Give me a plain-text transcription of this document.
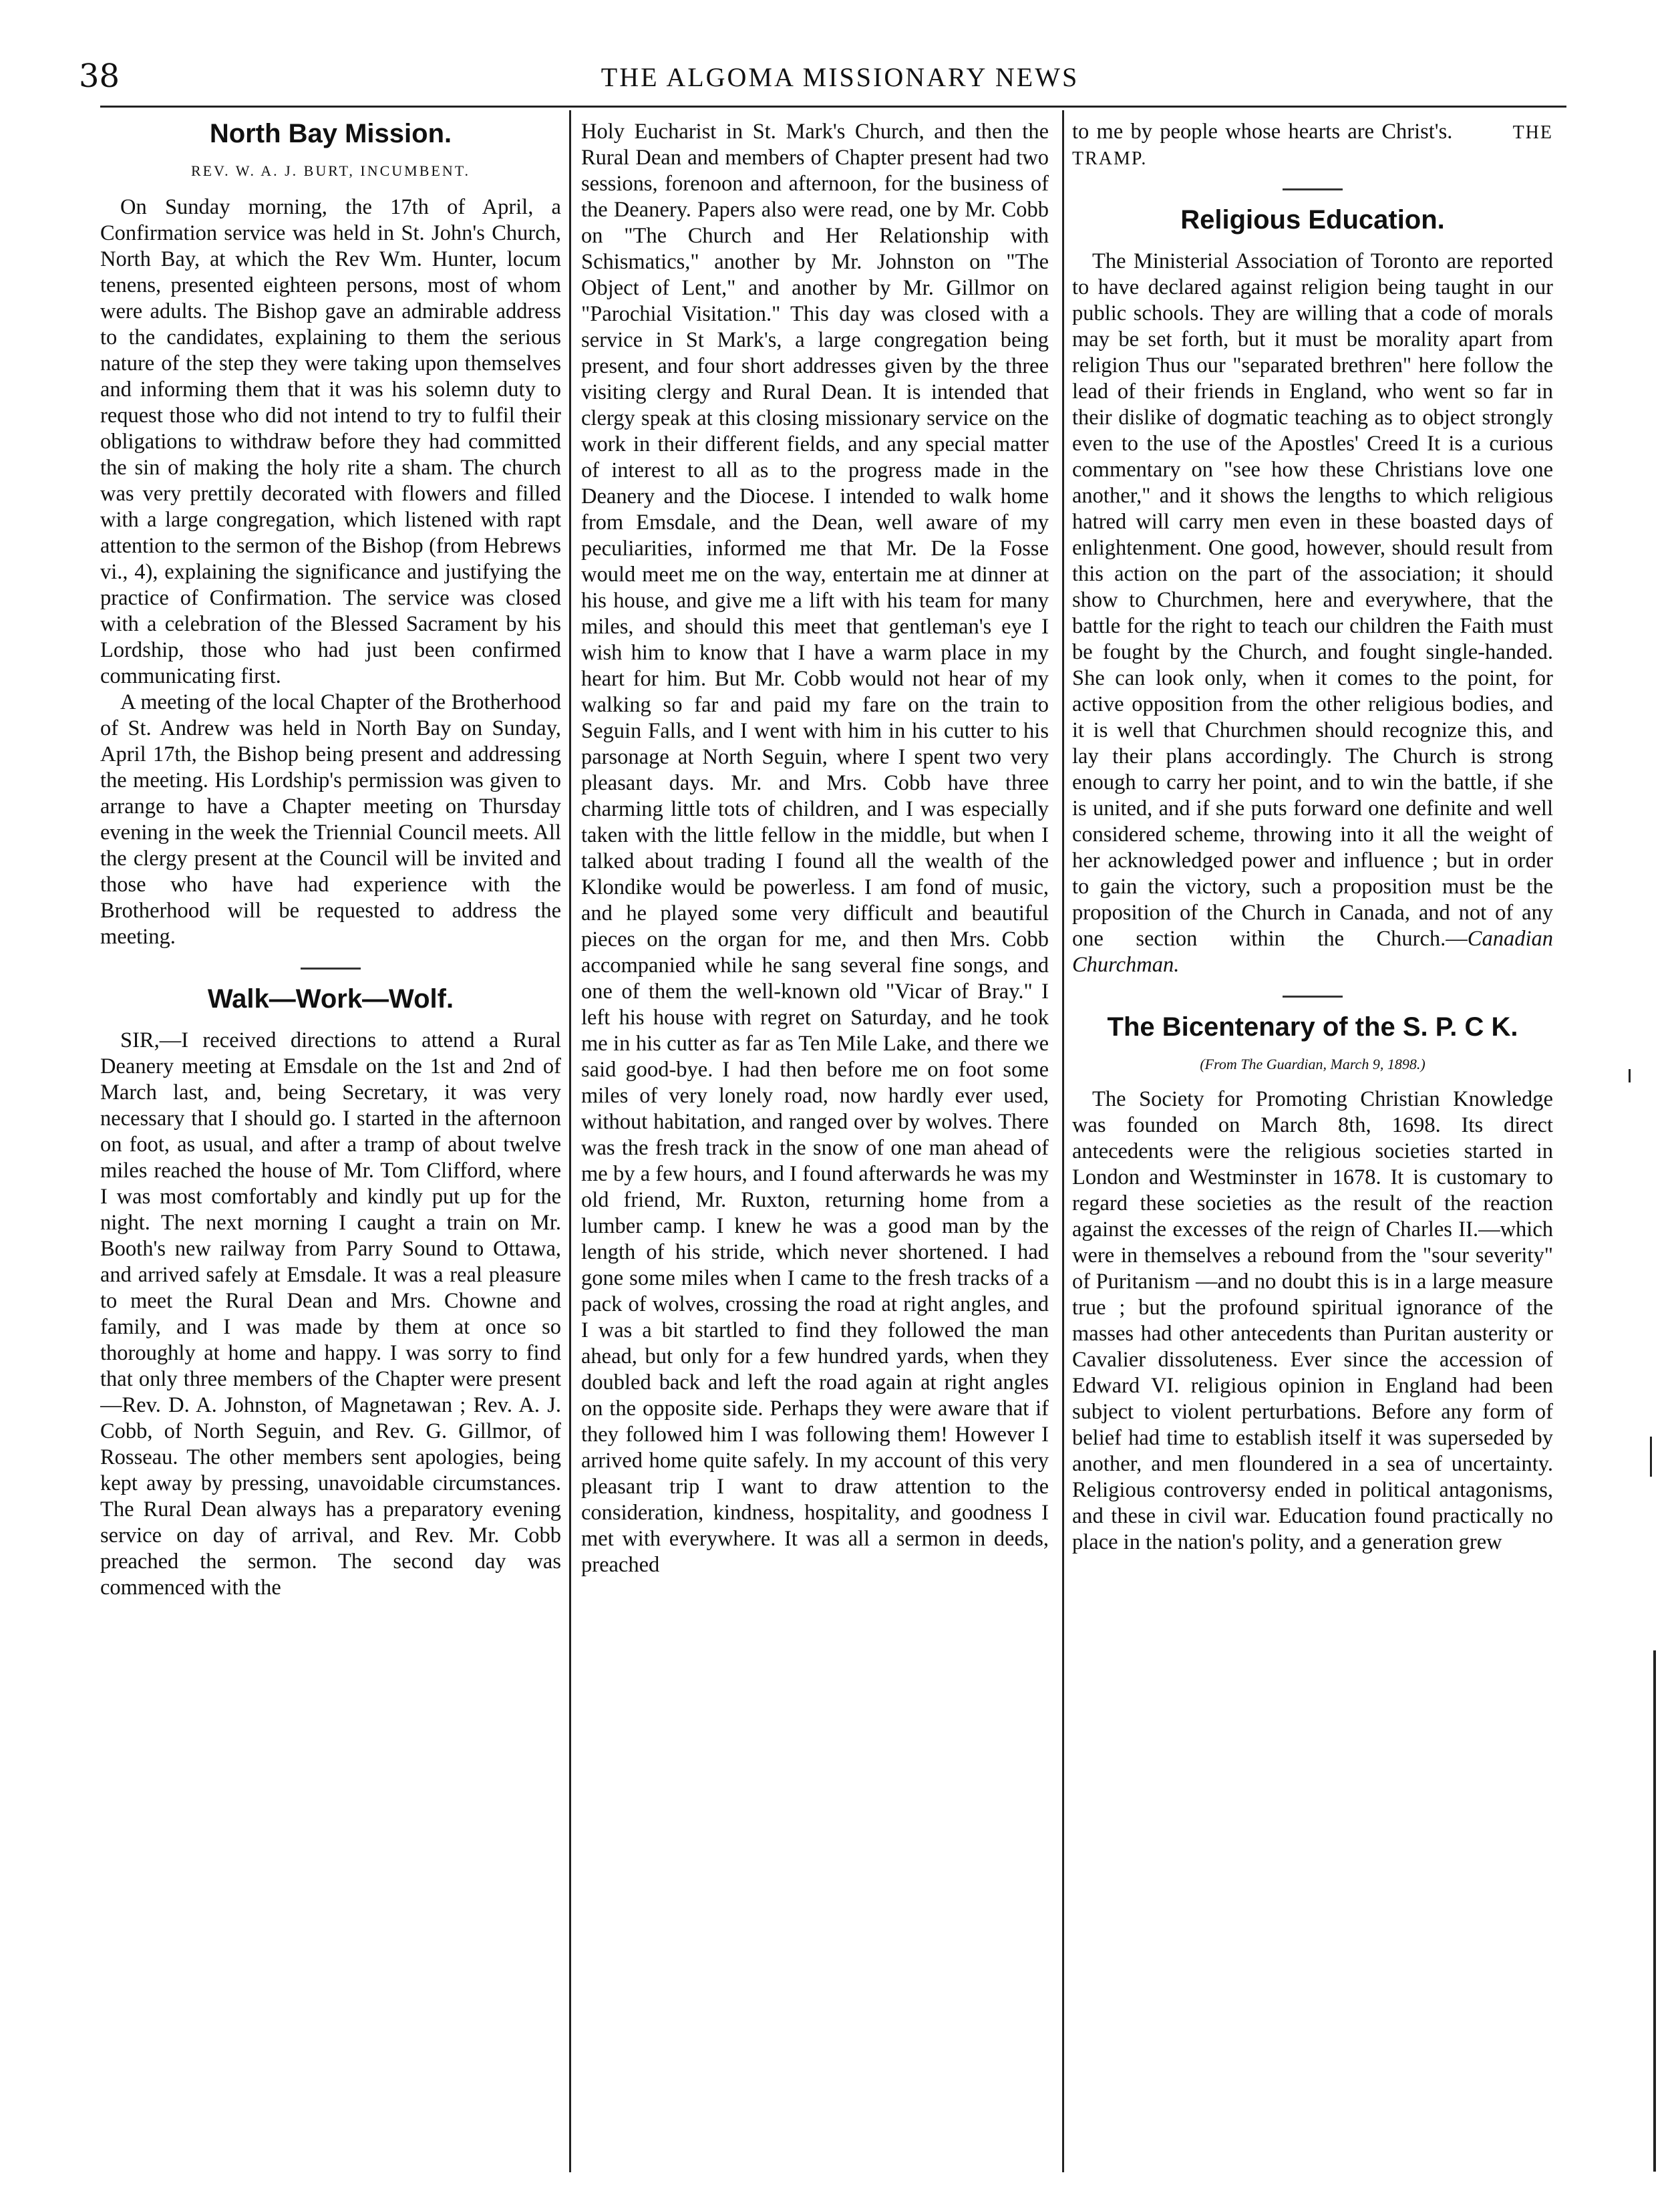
38	THE ALGOMA MISSIONARY NEWS
North Bay Mission.
REV. W. A. J. BURT, INCUMBENT.

On Sunday morning, the 17th of April, a Confirmation service was held in St. John's Church, North Bay, at which the Rev Wm. Hunter, locum tenens, presented eighteen persons, most of whom were adults. The Bishop gave an admirable address to the candidates, explaining to them the serious nature of the step they were taking upon themselves and informing them that it was his solemn duty to request those who did not intend to try to fulfil their obligations to withdraw before they had committed the sin of making the holy rite a sham. The church was very prettily decorated with flowers and filled with a large congregation, which listened with rapt attention to the sermon of the Bishop (from Hebrews vi., 4), explaining the significance and justifying the practice of Confirmation. The service was closed with a celebration of the Blessed Sacrament by his Lordship, those who had just been confirmed communicating first.

A meeting of the local Chapter of the Brotherhood of St. Andrew was held in North Bay on Sunday, April 17th, the Bishop being present and addressing the meeting. His Lordship's permission was given to arrange to have a Chapter meeting on Thursday evening in the week the Triennial Council meets. All the clergy present at the Council will be invited and those who have had experience with the Brotherhood will be requested to address the meeting.

Walk—Work—Wolf.

SIR,—I received directions to attend a Rural Deanery meeting at Emsdale on the 1st and 2nd of March last, and, being Secretary, it was very necessary that I should go. I started in the afternoon on foot, as usual, and after a tramp of about twelve miles reached the house of Mr. Tom Clifford, where I was most comfortably and kindly put up for the night. The next morning I caught a train on Mr. Booth's new railway from Parry Sound to Ottawa, and arrived safely at Emsdale. It was a real pleasure to meet the Rural Dean and Mrs. Chowne and family, and I was made by them at once so thoroughly at home and happy. I was sorry to find that only three members of the Chapter were present—Rev. D. A. Johnston, of Magnetawan ; Rev. A. J. Cobb, of North Seguin, and Rev. G. Gillmor, of Rosseau. The other members sent apologies, being kept away by pressing, unavoidable circumstances. The Rural Dean always has a preparatory evening service on day of arrival, and Rev. Mr. Cobb preached the sermon. The second day was commenced with the

Holy Eucharist in St. Mark's Church, and then the Rural Dean and members of Chapter present had two sessions, forenoon and afternoon, for the business of the Deanery. Papers also were read, one by Mr. Cobb on "The Church and Her Relationship with Schismatics," another by Mr. Johnston on "The Object of Lent," and another by Mr. Gillmor on "Parochial Visitation." This day was closed with a service in St Mark's, a large congregation being present, and four short addresses given by the three visiting clergy and Rural Dean. It is intended that clergy speak at this closing missionary service on the work in their different fields, and any special matter of interest to all as to the progress made in the Deanery and the Diocese. I intended to walk home from Emsdale, and the Dean, well aware of my peculiarities, informed me that Mr. De la Fosse would meet me on the way, entertain me at dinner at his house, and give me a lift with his team for many miles, and should this meet that gentleman's eye I wish him to know that I have a warm place in my heart for him. But Mr. Cobb would not hear of my walking so far and paid my fare on the train to Seguin Falls, and I went with him in his cutter to his parsonage at North Seguin, where I spent two very pleasant days. Mr. and Mrs. Cobb have three charming little tots of children, and I was especially taken with the little fellow in the middle, but when I talked about trading I found all the wealth of the Klondike would be powerless. I am fond of music, and he played some very difficult and beautiful pieces on the organ for me, and then Mrs. Cobb accompanied while he sang several fine songs, and one of them the well-known old "Vicar of Bray." I left his house with regret on Saturday, and he took me in his cutter as far as Ten Mile Lake, and there we said good-bye. I had then before me on foot some miles of very lonely road, now hardly ever used, without habitation, and ranged over by wolves. There was the fresh track in the snow of one man ahead of me by a few hours, and I found afterwards he was my old friend, Mr. Ruxton, returning home from a lumber camp. I knew he was a good man by the length of his stride, which never shortened. I had gone some miles when I came to the fresh tracks of a pack of wolves, crossing the road at right angles, and I was a bit startled to find they followed the man ahead, but only for a few hundred yards, when they doubled back and left the road again at right angles on the opposite side. Perhaps they were aware that if they followed him I was following them! However I arrived home quite safely. In my account of this very pleasant trip I want to draw attention to the consideration, kindness, hospitality, and goodness I met with everywhere. It was all a sermon in deeds, preached

to me by people whose hearts are Christ's.	THE TRAMP.

Religious Education.

The Ministerial Association of Toronto are reported to have declared against religion being taught in our public schools. They are willing that a code of morals may be set forth, but it must be morality apart from religion Thus our "separated brethren" here follow the lead of their friends in England, who went so far in their dislike of dogmatic teaching as to object strongly even to the use of the Apostles' Creed It is a curious commentary on "see how these Christians love one another," and it shows the lengths to which religious hatred will carry men even in these boasted days of enlightenment. One good, however, should result from this action on the part of the association; it should show to Churchmen, here and everywhere, that the battle for the right to teach our children the Faith must be fought by the Church, and fought single-handed. She can look only, when it comes to the point, for active opposition from the other religious bodies, and it is well that Churchmen should recognize this, and lay their plans accordingly. The Church is strong enough to carry her point, and to win the battle, if she is united, and if she puts forward one definite and well considered scheme, throwing into it all the weight of her acknowledged power and influence ; but in order to gain the victory, such a proposition must be the proposition of the Church in Canada, and not of any one section within the Church.—Canadian Churchman.

The Bicentenary of the S. P. C K.
(From The Guardian, March 9, 1898.)

The Society for Promoting Christian Knowledge was founded on March 8th, 1698. Its direct antecedents were the religious societies started in London and Westminster in 1678. It is customary to regard these societies as the result of the reaction against the excesses of the reign of Charles II.—which were in themselves a rebound from the "sour severity" of Puritanism —and no doubt this is in a large measure true ; but the profound spiritual ignorance of the masses had other antecedents than Puritan austerity or Cavalier dissoluteness. Ever since the accession of Edward VI. religious opinion in England had been subject to violent perturbations. Before any form of belief had time to establish itself it was superseded by another, and men floundered in a sea of uncertainty. Religious controversy ended in political antagonisms, and these in civil war. Education found practically no place in the nation's polity, and a generation grew
